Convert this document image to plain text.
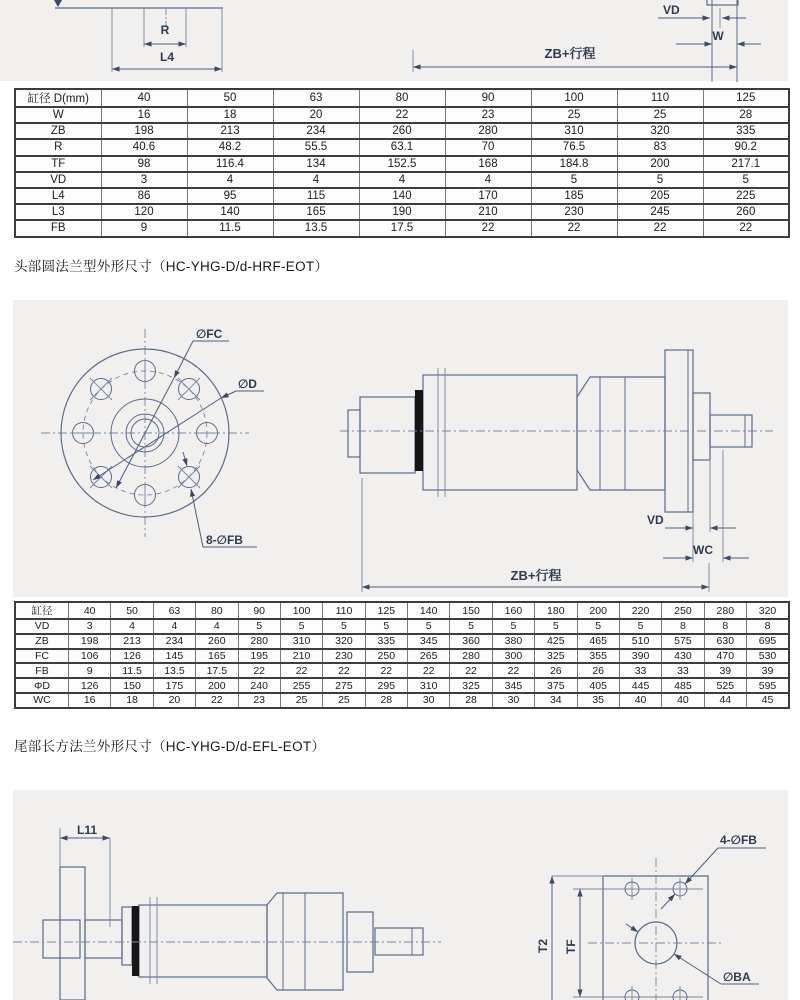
R
L4
VD
W
ZB+行程
缸径 D(mm)	40	50	63	80	90	100	110	125
W	16	18	20	22	23	25	25	28
ZB	198	213	234	260	280	310	320	335
R	40.6	48.2	55.5	63.1	70	76.5	83	90.2
TF	98	116.4	134	152.5	168	184.8	200	217.1
VD	3	4	4	4	4	5	5	5
L4	86	95	115	140	170	185	205	225
L3	120	140	165	190	210	230	245	260
FB	9	11.5	13.5	17.5	22	22	22	22
头部圆法兰型外形尺寸（HC-YHG-D/d-HRF-EOT）
∅FC
∅D
8-∅FB
VD
WC
ZB+行程
缸径	40	50	63	80	90	100	110	125	140	150	160	180	200	220	250	280	320
VD	3	4	4	4	5	5	5	5	5	5	5	5	5	5	8	8	8
ZB	198	213	234	260	280	310	320	335	345	360	380	425	465	510	575	630	695
FC	106	126	145	165	195	210	230	250	265	280	300	325	355	390	430	470	530
FB	9	11.5	13.5	17.5	22	22	22	22	22	22	22	26	26	33	33	39	39
ΦD	126	150	175	200	240	255	275	295	310	325	345	375	405	445	485	525	595
WC	16	18	20	22	23	25	25	28	30	28	30	34	35	40	40	44	45
尾部长方法兰外形尺寸（HC-YHG-D/d-EFL-EOT）
L11
4-∅FB
∅BA
T2 TF
